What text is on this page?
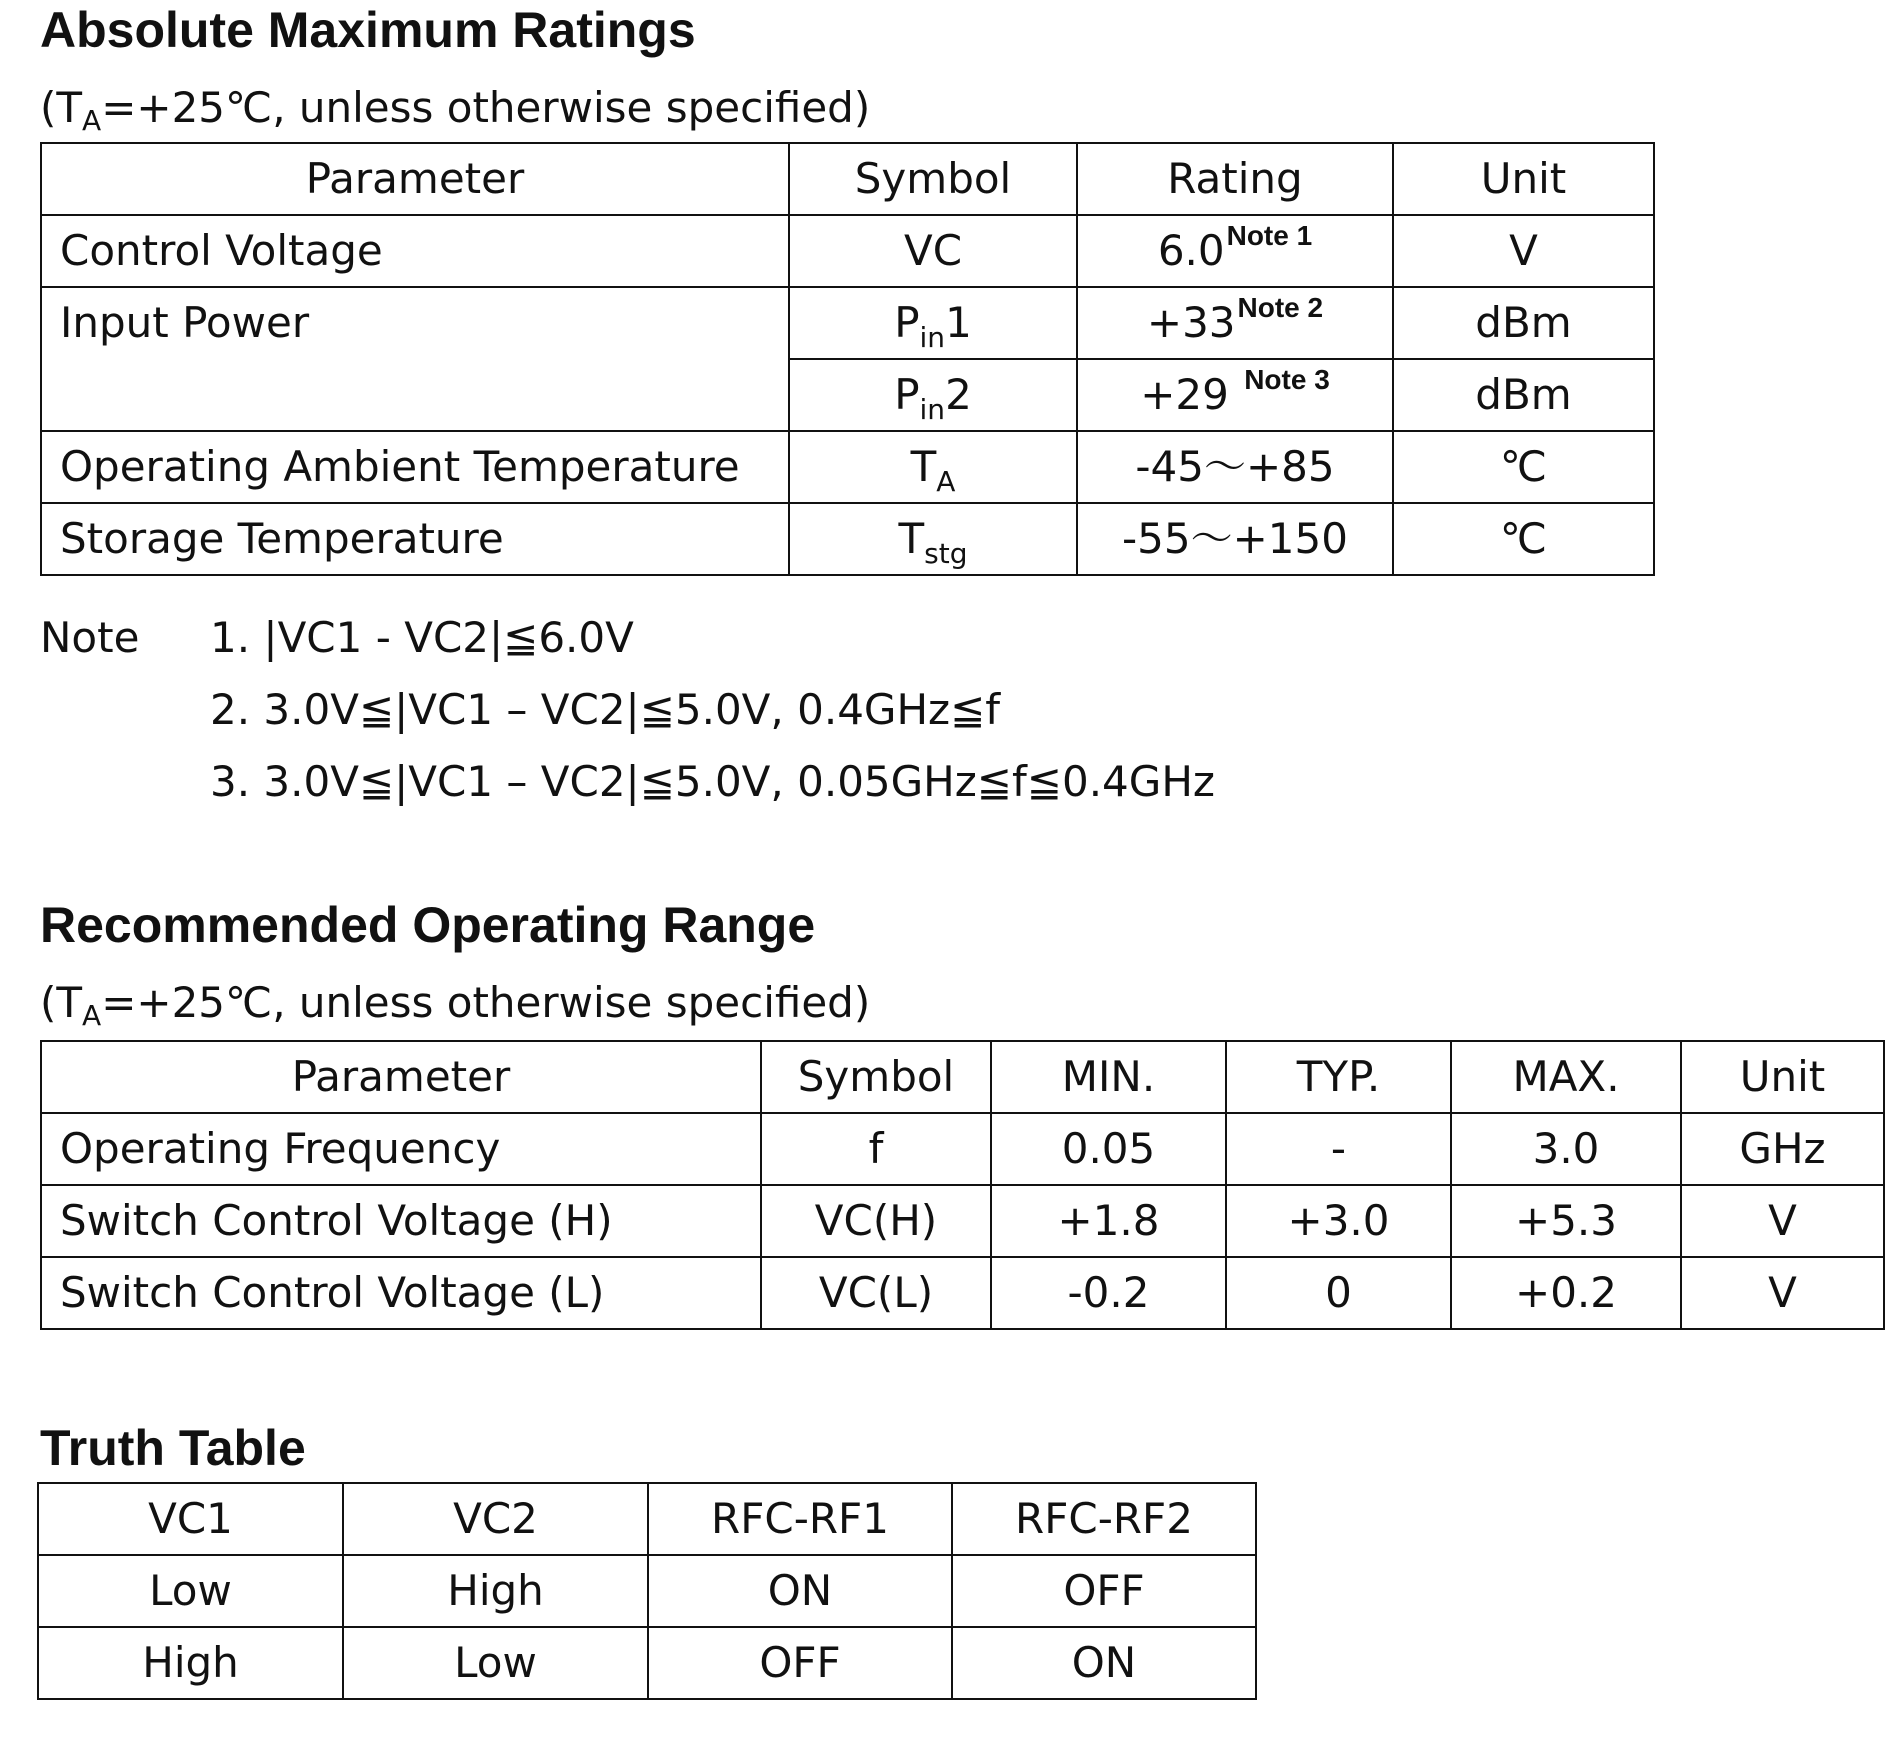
Absolute Maximum Ratings

($T_A=+25℃$, unless otherwise specified)

Parameter	Symbol	Rating	Unit
Control Voltage	VC	6.0$^{Note 1}$	V
Input Power	$P_{in}1$	+33$^{Note 2}$	dBm
	$P_{in}2$	+29 $^{Note 3}$	dBm
Operating Ambient Temperature	$T_A$	-45～+85	℃
Storage Temperature	$T_{stg}$	-55～+150	℃
Note 1. |VC1 - VC2|≦6.0V
2. 3.0V≦|VC1 – VC2|≦5.0V, 0.4GHz≦f
3. 3.0V≦|VC1 – VC2|≦5.0V, 0.05GHz≦f≦0.4GHz
Recommended Operating Range

($T_A=+25℃$, unless otherwise specified)

Parameter	Symbol	MIN.	TYP.	MAX.	Unit
Operating Frequency	f	0.05	-	3.0	GHz
Switch Control Voltage (H)	VC(H)	+1.8	+3.0	+5.3	V
Switch Control Voltage (L)	VC(L)	-0.2	0	+0.2	V
Truth Table
VC1	VC2	RFC-RF1	RFC-RF2
Low	High	ON	OFF
High	Low	OFF	ON
